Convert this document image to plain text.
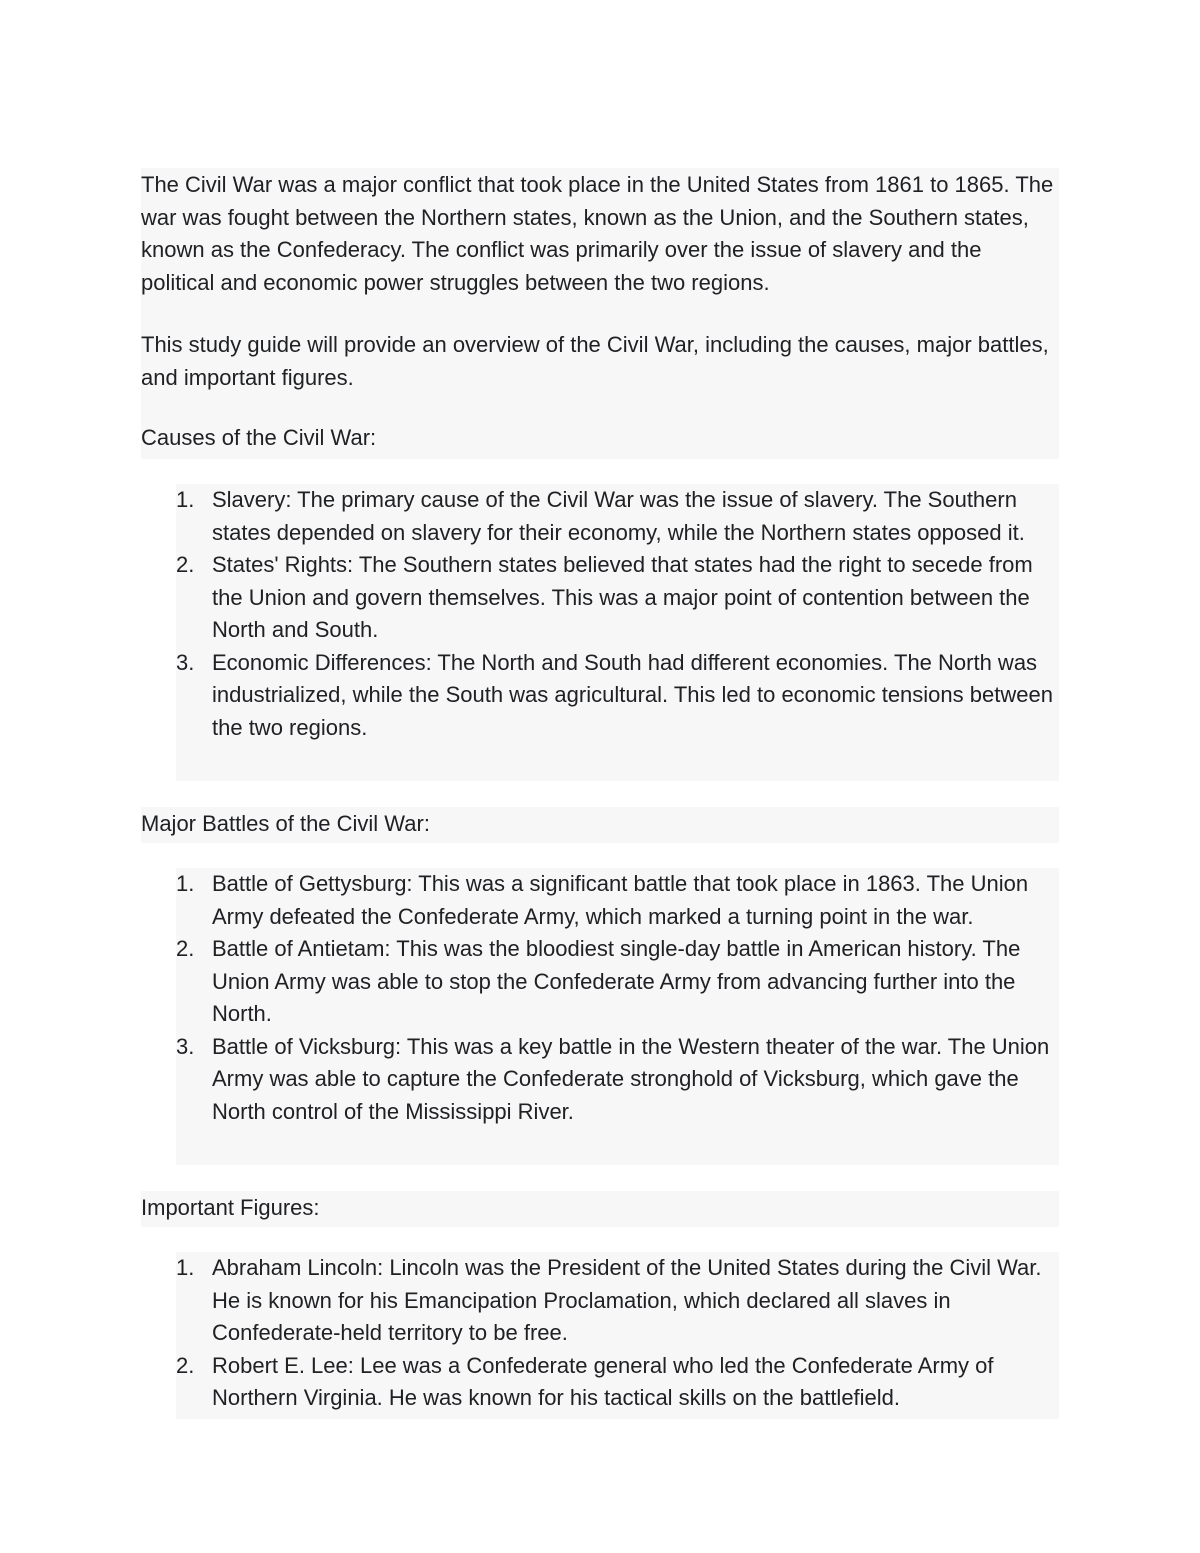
The Civil War was a major conflict that took place in the United States from 1861 to 1865. The war was fought between the Northern states, known as the Union, and the Southern states, known as the Confederacy. The conflict was primarily over the issue of slavery and the political and economic power struggles between the two regions.

This study guide will provide an overview of the Civil War, including the causes, major battles, and important figures.

Causes of the Civil War:

1. Slavery: The primary cause of the Civil War was the issue of slavery. The Southern states depended on slavery for their economy, while the Northern states opposed it.
2. States' Rights: The Southern states believed that states had the right to secede from the Union and govern themselves. This was a major point of contention between the North and South.
3. Economic Differences: The North and South had different economies. The North was industrialized, while the South was agricultural. This led to economic tensions between the two regions.
Major Battles of the Civil War:
1. Battle of Gettysburg: This was a significant battle that took place in 1863. The Union Army defeated the Confederate Army, which marked a turning point in the war.
2. Battle of Antietam: This was the bloodiest single-day battle in American history. The Union Army was able to stop the Confederate Army from advancing further into the North.
3. Battle of Vicksburg: This was a key battle in the Western theater of the war. The Union Army was able to capture the Confederate stronghold of Vicksburg, which gave the North control of the Mississippi River.
Important Figures:
1. Abraham Lincoln: Lincoln was the President of the United States during the Civil War. He is known for his Emancipation Proclamation, which declared all slaves in Confederate-held territory to be free.
2. Robert E. Lee: Lee was a Confederate general who led the Confederate Army of Northern Virginia. He was known for his tactical skills on the battlefield.
